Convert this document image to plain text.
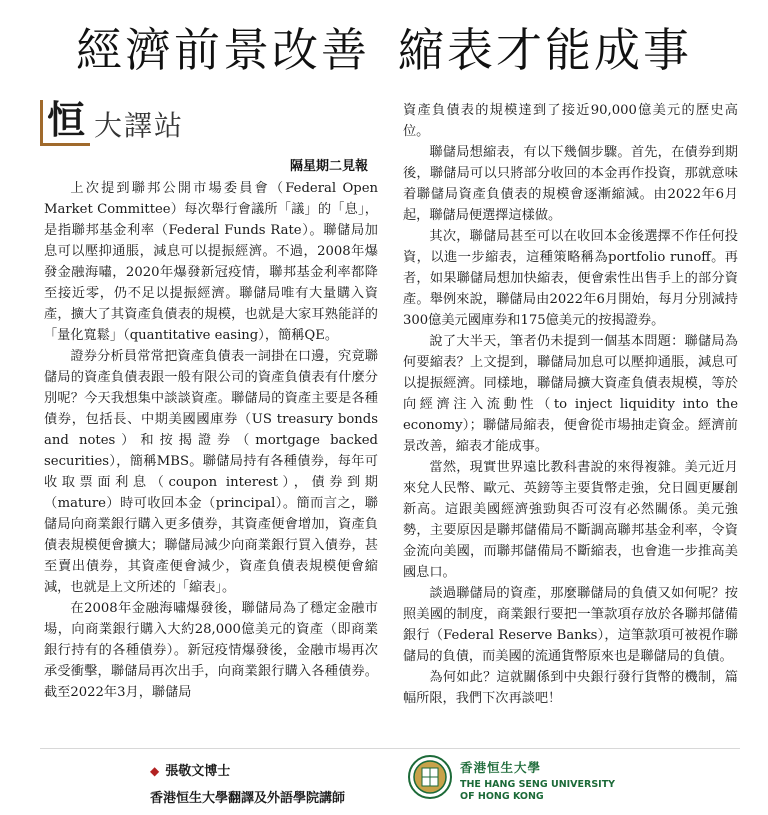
經濟前景改善 縮表才能成事
恒 大譯站
隔星期二見報

上次提到聯邦公開市場委員會（Federal Open Market Committee）每次舉行會議所「議」的「息」，是指聯邦基金利率（Federal Funds Rate）。聯儲局加息可以壓抑通脹，減息可以提振經濟。不過，2008年爆發金融海嘯，2020年爆發新冠疫情，聯邦基金利率都降至接近零，仍不足以提振經濟。聯儲局唯有大量購入資產，擴大了其資產負債表的規模，也就是大家耳熟能詳的「量化寬鬆」（quantitative easing），簡稱QE。

證券分析員常常把資產負債表一詞掛在口邊，究竟聯儲局的資產負債表跟一般有限公司的資產負債表有什麼分別呢？今天我想集中談談資產。聯儲局的資產主要是各種債券，包括長、中期美國國庫券（US treasury bonds and notes）和按揭證券（mortgage backed securities），簡稱MBS。聯儲局持有各種債券，每年可收取票面利息（coupon interest），債券到期（mature）時可收回本金（principal）。簡而言之，聯儲局向商業銀行購入更多債券，其資產便會增加，資產負債表規模便會擴大；聯儲局減少向商業銀行買入債券，甚至賣出債券，其資產便會減少，資產負債表規模便會縮減，也就是上文所述的「縮表」。

在2008年金融海嘯爆發後，聯儲局為了穩定金融市場，向商業銀行購入大約28,000億美元的資產（即商業銀行持有的各種債券）。新冠疫情爆發後，金融市場再次承受衝擊，聯儲局再次出手，向商業銀行購入各種債券。截至2022年3月，聯儲局

資產負債表的規模達到了接近90,000億美元的歷史高位。

聯儲局想縮表，有以下幾個步驟。首先，在債券到期後，聯儲局可以只將部分收回的本金再作投資，那就意味着聯儲局資產負債表的規模會逐漸縮減。由2022年6月起，聯儲局便選擇這樣做。

其次，聯儲局甚至可以在收回本金後選擇不作任何投資，以進一步縮表，這種策略稱為portfolio runoff。再者，如果聯儲局想加快縮表，便會索性出售手上的部分資產。舉例來說，聯儲局由2022年6月開始，每月分別減持300億美元國庫券和175億美元的按揭證券。

說了大半天，筆者仍未提到一個基本問題：聯儲局為何要縮表？上文提到，聯儲局加息可以壓抑通脹，減息可以提振經濟。同樣地，聯儲局擴大資產負債表規模，等於向經濟注入流動性（to inject liquidity into the economy）；聯儲局縮表，便會從市場抽走資金。經濟前景改善，縮表才能成事。

當然，現實世界遠比教科書說的來得複雜。美元近月來兌人民幣、歐元、英鎊等主要貨幣走強，兌日圓更屢創新高。這跟美國經濟強勁與否可沒有必然關係。美元強勢，主要原因是聯邦儲備局不斷調高聯邦基金利率，令資金流向美國，而聯邦儲備局不斷縮表，也會進一步推高美國息口。

談過聯儲局的資產，那麼聯儲局的負債又如何呢？按照美國的制度，商業銀行要把一筆款項存放於各聯邦儲備銀行（Federal Reserve Banks），這筆款項可被視作聯儲局的負債，而美國的流通貨幣原來也是聯儲局的負債。

為何如此？這就關係到中央銀行發行貨幣的機制，篇幅所限，我們下次再談吧！

◆ 張敬文博士
香港恒生大學翻譯及外語學院講師
香港恒生大學
THE HANG SENG UNIVERSITY
OF HONG KONG
